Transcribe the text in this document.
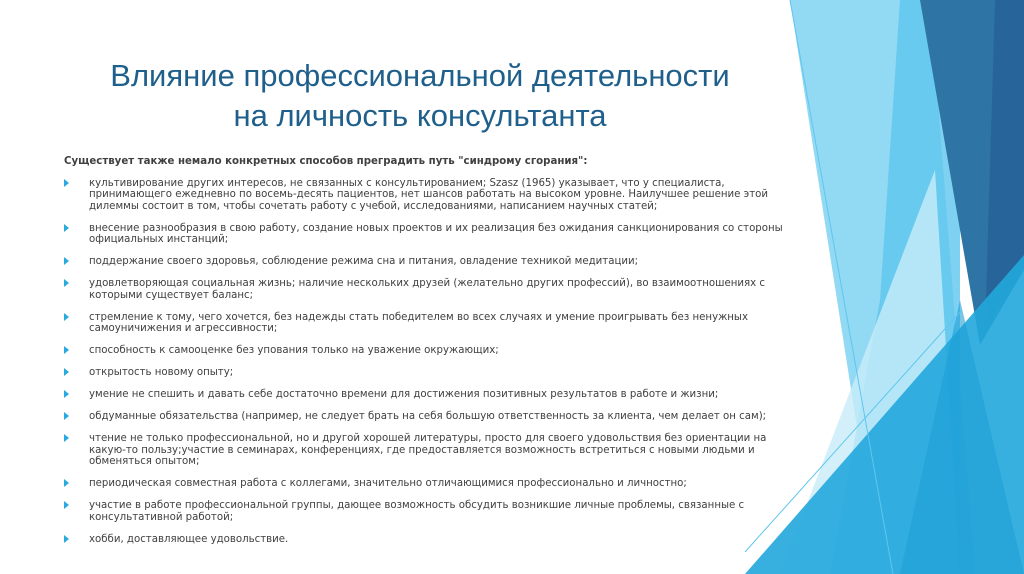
Влияние профессиональной деятельности
на личность консультанта
Существует также немало конкретных способов преградить путь "синдрому сгорания":
культивирование других интересов, не связанных с консультированием; Szasz (1965) указывает, что у специалиста, принимающего ежедневно по восемь-десять пациентов, нет шансов работать на высоком уровне. Наилучшее решение этой дилеммы состоит в том, чтобы сочетать работу с учебой, исследованиями, написанием научных статей;
внесение разнообразия в свою работу, создание новых проектов и их реализация без ожидания санкционирования со стороны официальных инстанций;
поддержание своего здоровья, соблюдение режима сна и питания, овладение техникой медитации;
удовлетворяющая социальная жизнь; наличие нескольких друзей (желательно других профессий), во взаимоотношениях с которыми существует баланс;
стремление к тому, чего хочется, без надежды стать победителем во всех случаях и умение проигрывать без ненужных самоуничижения и агрессивности;
способность к самооценке без упования только на уважение окружающих;
открытость новому опыту;
умение не спешить и давать себе достаточно времени для достижения позитивных результатов в работе и жизни;
обдуманные обязательства (например, не следует брать на себя большую ответственность за клиента, чем делает он сам);
чтение не только профессиональной, но и другой хорошей литературы, просто для своего удовольствия без ориентации на какую-то пользу;участие в семинарах, конференциях, где предоставляется возможность встретиться с новыми людьми и обменяться опытом;
периодическая совместная работа с коллегами, значительно отличающимися профессионально и личностно;
участие в работе профессиональной группы, дающее возможность обсудить возникшие личные проблемы, связанные с консультативной работой;
хобби, доставляющее удовольствие.
